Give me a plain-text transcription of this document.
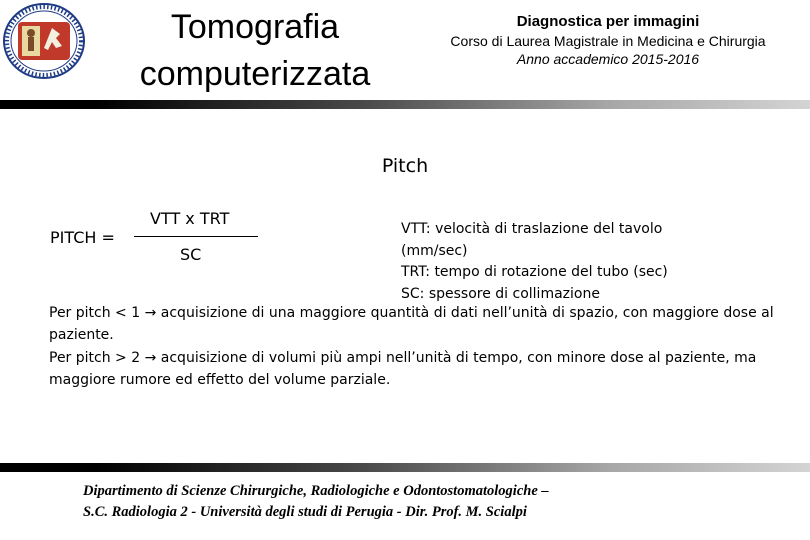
Tomografia
computerizzata
Diagnostica per immagini
Corso di Laurea Magistrale in Medicina e Chirurgia
Anno accademico 2015-2016
Pitch
PITCH =
VTT x TRT
SC
VTT: velocità di traslazione del tavolo
(mm/sec)
TRT: tempo di rotazione del tubo (sec)
SC: spessore di collimazione

Per pitch < 1 → acquisizione di una maggiore quantità di dati nell’unità di spazio, con maggiore dose al paziente.

Per pitch > 2 → acquisizione di volumi più ampi nell’unità di tempo, con minore dose al paziente, ma maggiore rumore ed effetto del volume parziale.

Dipartimento di Scienze Chirurgiche, Radiologiche e Odontostomatologiche –
S.C. Radiologia 2 - Università degli studi di Perugia - Dir. Prof. M. Scialpi
